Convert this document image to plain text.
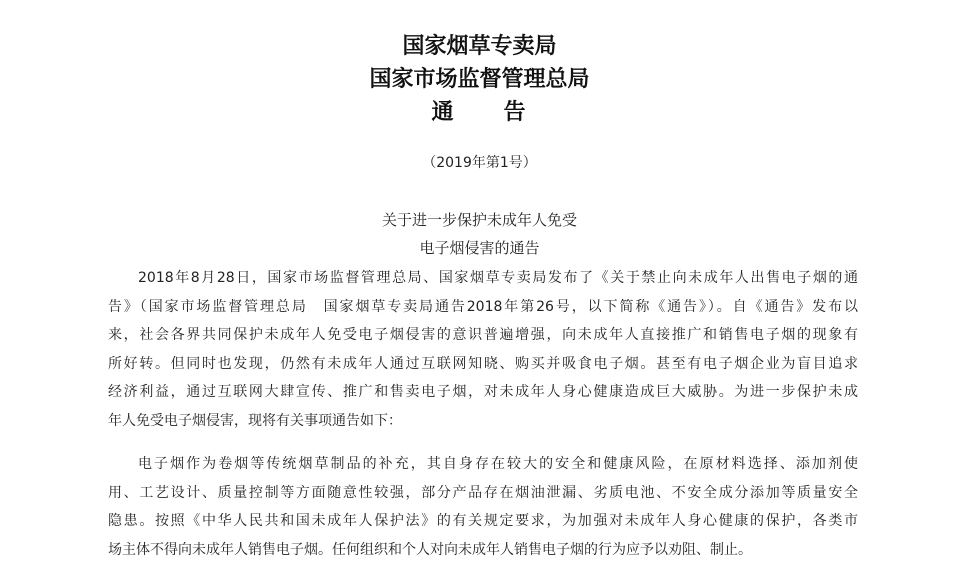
国家烟草专卖局
国家市场监督管理总局
通　　告
（2019年第1号）
关于进一步保护未成年人免受
电子烟侵害的通告
2018年8月28日，国家市场监督管理总局、国家烟草专卖局发布了《关于禁止向未成年人出售电子烟的通
告》（国家市场监督管理总局　国家烟草专卖局通告2018年第26号，以下简称《通告》）。自《通告》发布以
来，社会各界共同保护未成年人免受电子烟侵害的意识普遍增强，向未成年人直接推广和销售电子烟的现象有
所好转。但同时也发现，仍然有未成年人通过互联网知晓、购买并吸食电子烟。甚至有电子烟企业为盲目追求
经济利益，通过互联网大肆宣传、推广和售卖电子烟，对未成年人身心健康造成巨大威胁。为进一步保护未成
年人免受电子烟侵害，现将有关事项通告如下：
电子烟作为卷烟等传统烟草制品的补充，其自身存在较大的安全和健康风险，在原材料选择、添加剂使
用、工艺设计、质量控制等方面随意性较强，部分产品存在烟油泄漏、劣质电池、不安全成分添加等质量安全
隐患。按照《中华人民共和国未成年人保护法》的有关规定要求，为加强对未成年人身心健康的保护，各类市
场主体不得向未成年人销售电子烟。任何组织和个人对向未成年人销售电子烟的行为应予以劝阻、制止。
